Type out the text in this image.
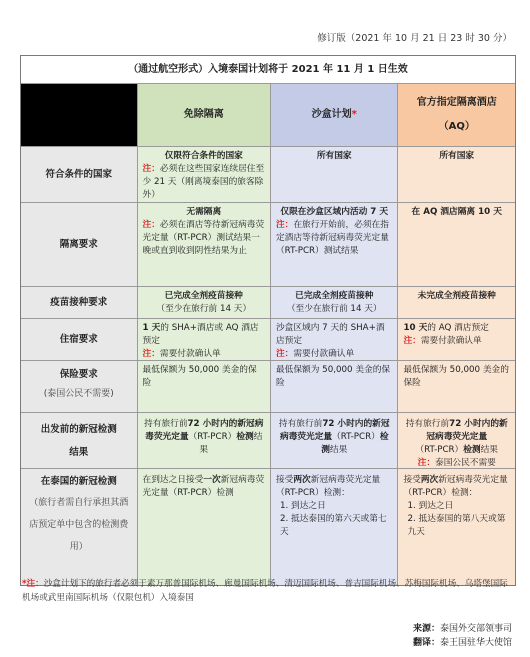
修订版（2021 年 10 月 21 日 23 时 30 分）
（通过航空形式）入境泰国计划将于 2021 年 11 月 1 日生效
免除隔离	沙盒计划*
官方指定隔离酒店
（AQ）
符合条件的国家
仅限符合条件的国家
注：必须在这些国家连续居住至少 21 天（刚离境泰国的旅客除外）
所有国家	所有国家
隔离要求
无需隔离
注：必须在酒店等待新冠病毒荧光定量（RT-PCR）测试结果一晚或直到收到阴性结果为止
仅限在沙盒区域内活动 7 天
注：在旅行开始前，必须在指定酒店等待新冠病毒荧光定量（RT-PCR）测试结果
在 AQ 酒店隔离 10 天
疫苗接种要求
已完成全剂疫苗接种
（至少在旅行前 14 天）
已完成全剂疫苗接种
（至少在旅行前 14 天）
未完成全剂疫苗接种
住宿要求
1 天的 SHA+酒店或 AQ 酒店预定
注：需要付款确认单
沙盒区域内 7 天的 SHA+酒店预定
注：需要付款确认单
10 天的 AQ 酒店预定
注：需要付款确认单
保险要求
(泰国公民不需要)
最低保额为 50,000 美金的保险
最低保额为 50,000 美金的保险
最低保额为 50,000 美金的保险
出发前的新冠检测
结果
持有旅行前72 小时内的新冠病毒荧光定量（RT-PCR）检测结果
持有旅行前72 小时内的新冠病毒荧光定量（RT-PCR）检测结果
持有旅行前72 小时内的新冠病毒荧光定量（RT-PCR）检测结果
注：泰国公民不需要
在泰国的新冠检测
（旅行者需自行承担其酒店预定单中包含的检测费用）
在到达之日接受一次新冠病毒荧光定量（RT-PCR）检测
接受两次新冠病毒荧光定量（RT-PCR）检测：
1. 到达之日
2. 抵达泰国的第六天或第七天
接受两次新冠病毒荧光定量（RT-PCR）检测：
1. 到达之日
2. 抵达泰国的第八天或第九天
*注：沙盒计划下的旅行者必须于素万那普国际机场、廊曼国际机场、清迈国际机场、普吉国际机场、苏梅国际机场、乌塔堡国际机场或武里南国际机场（仅限包机）入境泰国
来源：泰国外交部领事司
翻译：泰王国驻华大使馆
